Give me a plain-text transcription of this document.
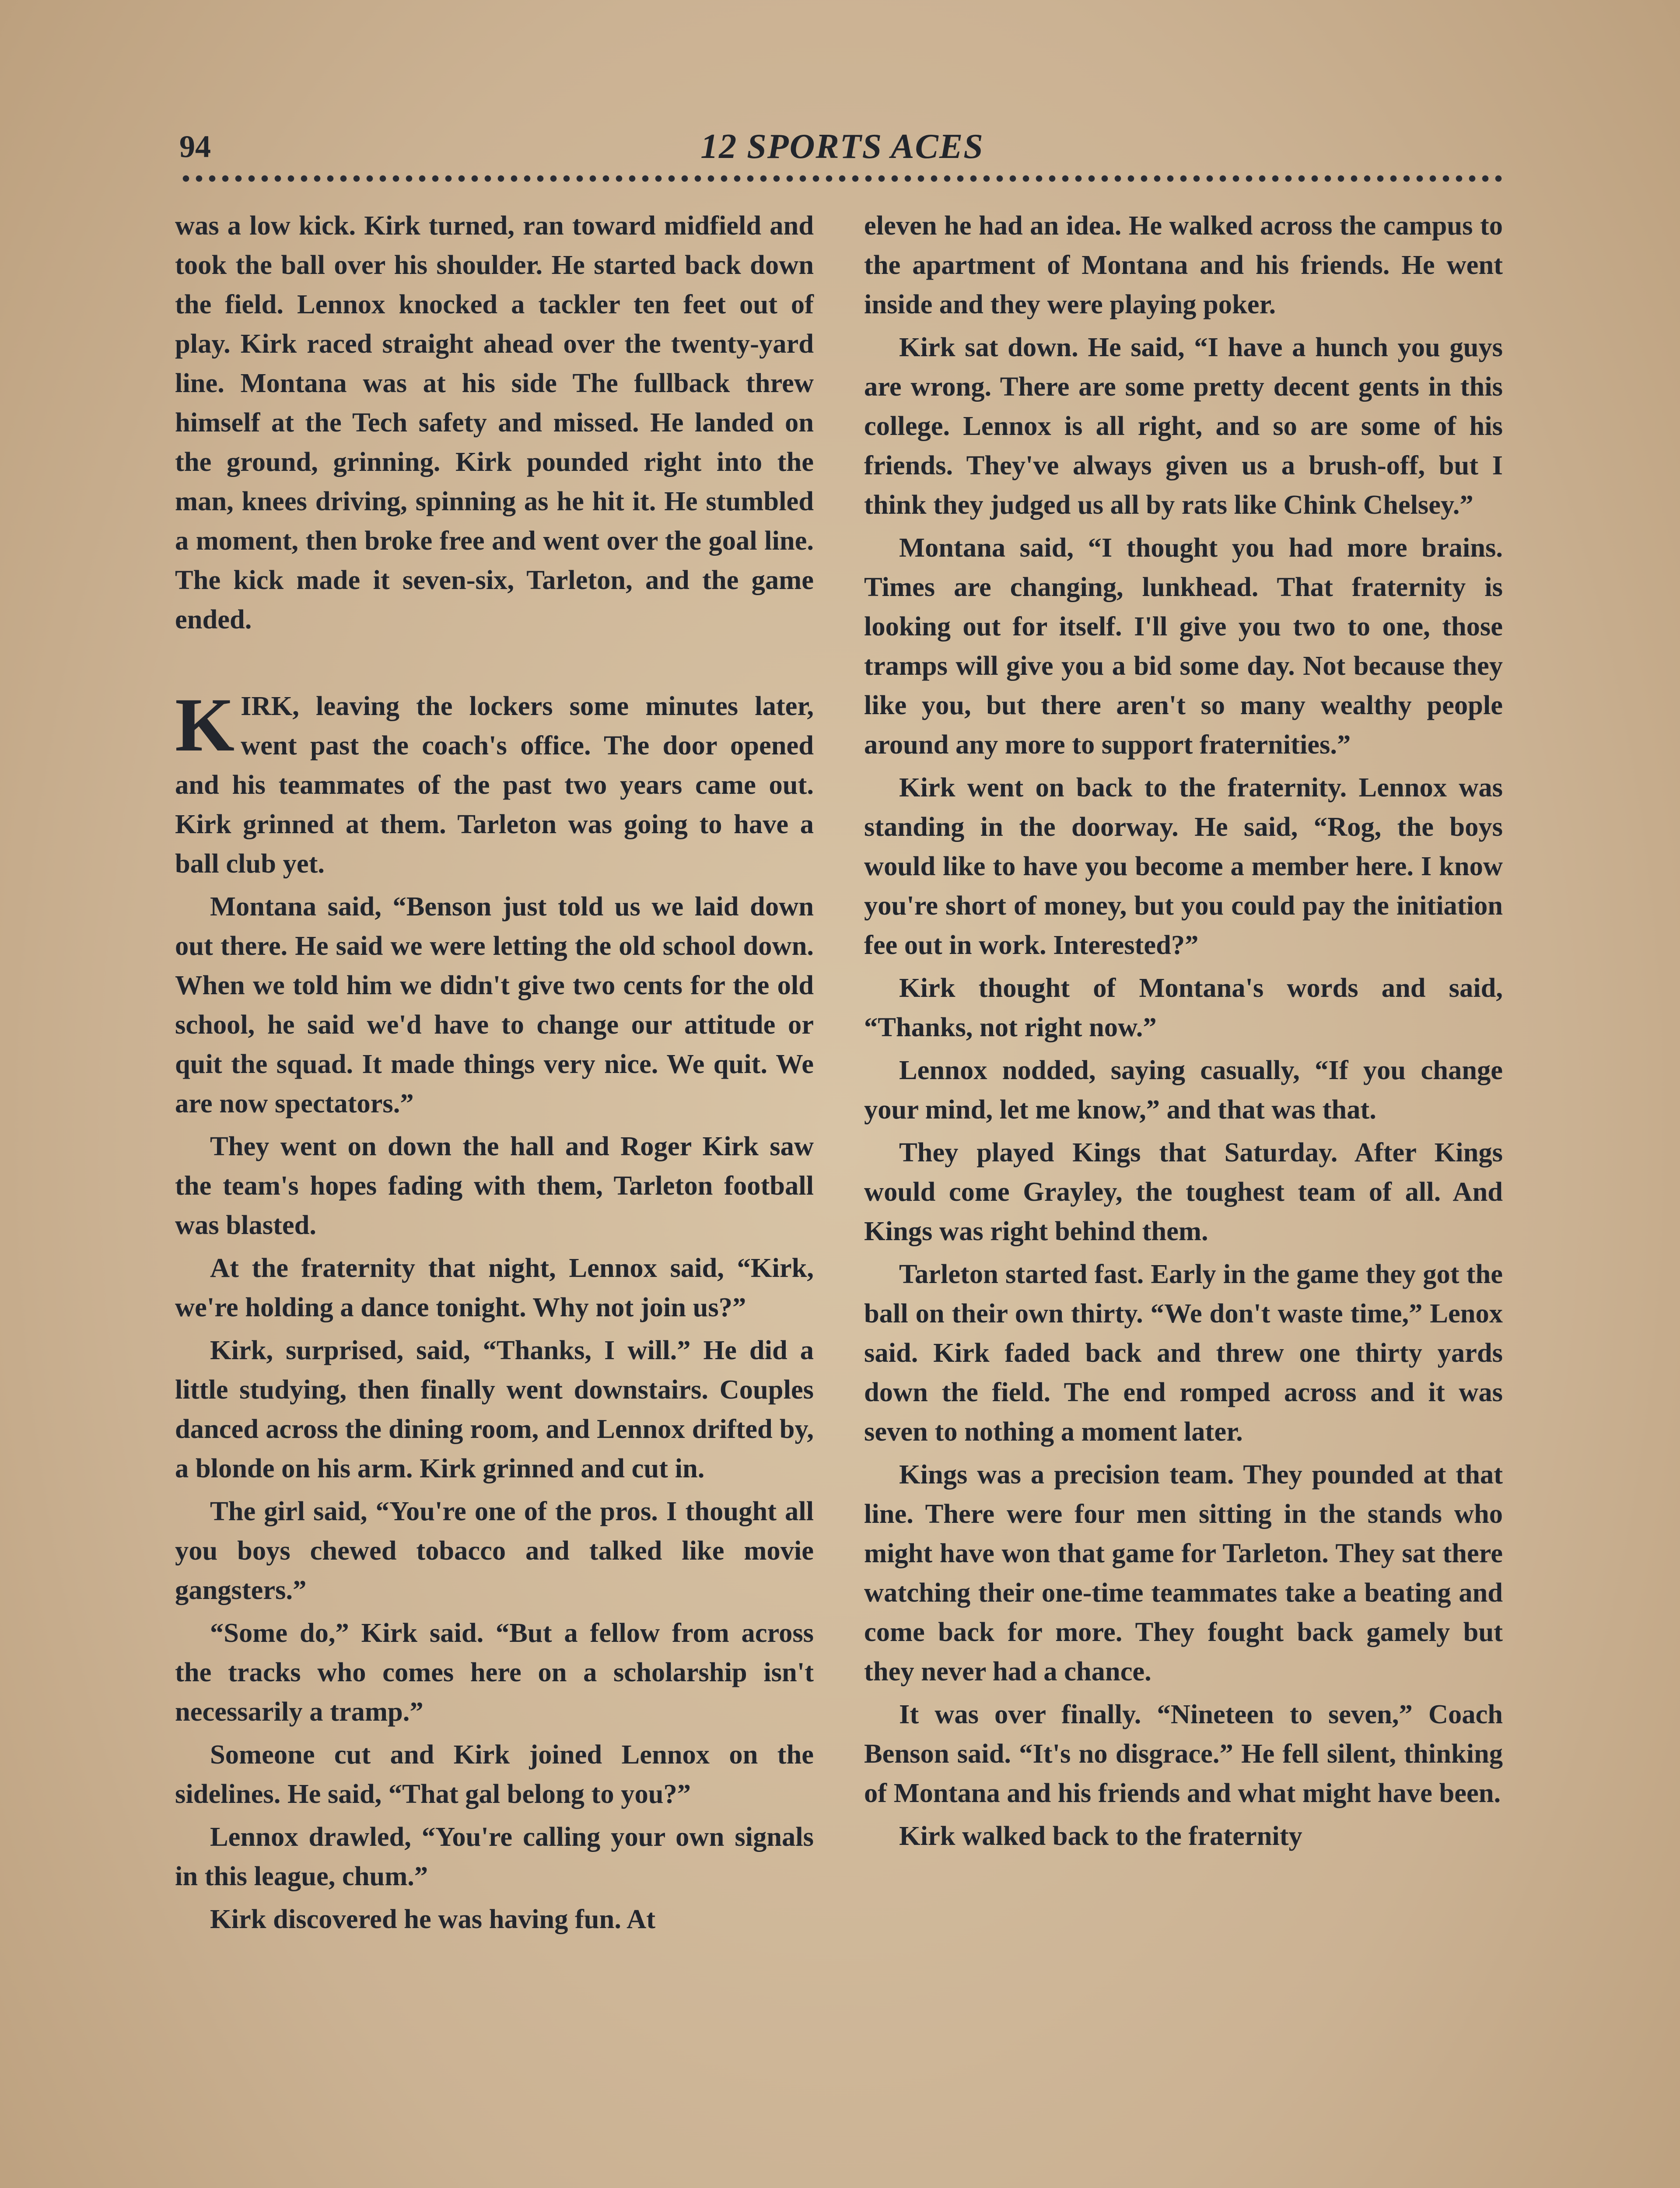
94	12 SPORTS ACES

was a low kick. Kirk turned, ran toward midfield and took the ball over his shoulder. He started back down the field. Lennox knocked a tackler ten feet out of play. Kirk raced straight ahead over the twenty-yard line. Montana was at his side The fullback threw himself at the Tech safety and missed. He landed on the ground, grinning. Kirk pounded right into the man, knees driving, spinning as he hit it. He stumbled a moment, then broke free and went over the goal line. The kick made it seven-six, Tarleton, and the game ended.

KIRK, leaving the lockers some minutes later, went past the coach's office. The door opened and his teammates of the past two years came out. Kirk grinned at them. Tarleton was going to have a ball club yet.

Montana said, “Benson just told us we laid down out there. He said we were letting the old school down. When we told him we didn't give two cents for the old school, he said we'd have to change our attitude or quit the squad. It made things very nice. We quit. We are now spectators.”

They went on down the hall and Roger Kirk saw the team's hopes fading with them, Tarleton football was blasted.

At the fraternity that night, Lennox said, “Kirk, we're holding a dance tonight. Why not join us?”

Kirk, surprised, said, “Thanks, I will.” He did a little studying, then finally went downstairs. Couples danced across the dining room, and Lennox drifted by, a blonde on his arm. Kirk grinned and cut in.

The girl said, “You're one of the pros. I thought all you boys chewed tobacco and talked like movie gangsters.”

“Some do,” Kirk said. “But a fellow from across the tracks who comes here on a scholarship isn't necessarily a tramp.”

Someone cut and Kirk joined Lennox on the sidelines. He said, “That gal belong to you?”

Lennox drawled, “You're calling your own signals in this league, chum.”

Kirk discovered he was having fun. At

eleven he had an idea. He walked across the campus to the apartment of Montana and his friends. He went inside and they were playing poker.

Kirk sat down. He said, “I have a hunch you guys are wrong. There are some pretty decent gents in this college. Lennox is all right, and so are some of his friends. They've always given us a brush-off, but I think they judged us all by rats like Chink Chelsey.”

Montana said, “I thought you had more brains. Times are changing, lunkhead. That fraternity is looking out for itself. I'll give you two to one, those tramps will give you a bid some day. Not because they like you, but there aren't so many wealthy people around any more to support fraternities.”

Kirk went on back to the fraternity. Lennox was standing in the doorway. He said, “Rog, the boys would like to have you become a member here. I know you're short of money, but you could pay the initiation fee out in work. Interested?”

Kirk thought of Montana's words and said, “Thanks, not right now.”

Lennox nodded, saying casually, “If you change your mind, let me know,” and that was that.

They played Kings that Saturday. After Kings would come Grayley, the toughest team of all. And Kings was right behind them.

Tarleton started fast. Early in the game they got the ball on their own thirty. “We don't waste time,” Lenox said. Kirk faded back and threw one thirty yards down the field. The end romped across and it was seven to nothing a moment later.

Kings was a precision team. They pounded at that line. There were four men sitting in the stands who might have won that game for Tarleton. They sat there watching their one-time teammates take a beating and come back for more. They fought back gamely but they never had a chance.

It was over finally. “Nineteen to seven,” Coach Benson said. “It's no disgrace.” He fell silent, thinking of Montana and his friends and what might have been.

Kirk walked back to the fraternity
